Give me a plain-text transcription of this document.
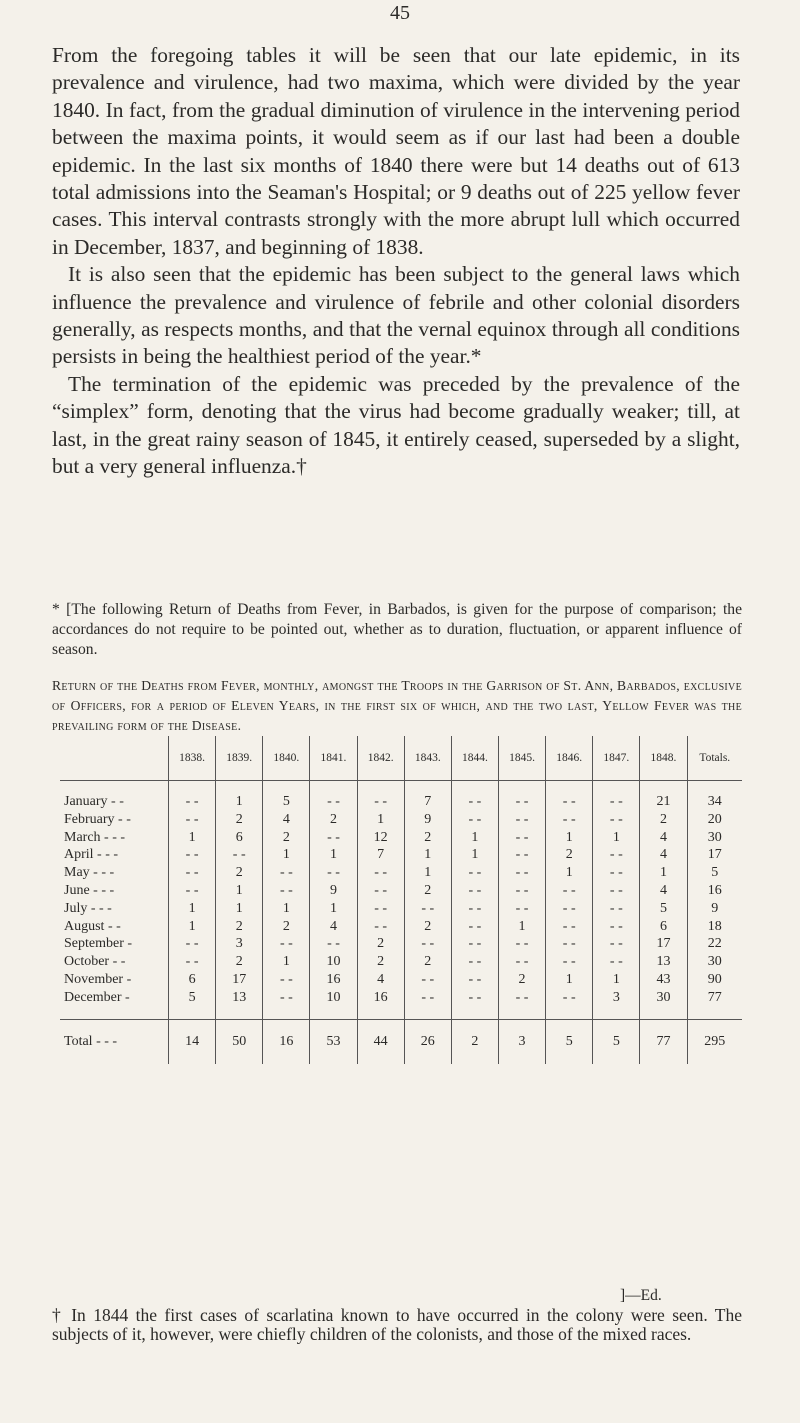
45

From the foregoing tables it will be seen that our late epidemic, in its prevalence and virulence, had two maxima, which were divided by the year 1840. In fact, from the gradual diminution of virulence in the intervening period between the maxima points, it would seem as if our last had been a double epidemic. In the last six months of 1840 there were but 14 deaths out of 613 total admissions into the Seaman's Hospital; or 9 deaths out of 225 yellow fever cases. This interval contrasts strongly with the more abrupt lull which occurred in December, 1837, and beginning of 1838.

It is also seen that the epidemic has been subject to the general laws which influence the prevalence and virulence of febrile and other colonial disorders generally, as respects months, and that the vernal equinox through all conditions persists in being the healthiest period of the year.*

The termination of the epidemic was preceded by the prevalence of the “simplex” form, denoting that the virus had become gradually weaker; till, at last, in the great rainy season of 1845, it entirely ceased, superseded by a slight, but a very general influenza.†

* [The following Return of Deaths from Fever, in Barbados, is given for the purpose of comparison; the accordances do not require to be pointed out, whether as to duration, fluctuation, or apparent influence of season.

Return of the Deaths from Fever, monthly, amongst the Troops in the Garrison of St. Ann, Barbados, exclusive of Officers, for a period of Eleven Years, in the first six of which, and the two last, Yellow Fever was the prevailing form of the Disease.
	1838.	1839.	1840.	1841.	1842.	1843.	1844.	1845.	1846.	1847.	1848.	Totals.
January - -	- -	1	5	- -	- -	7	- -	- -	- -	- -	21	34
February - -	- -	2	4	2	1	9	- -	- -	- -	- -	2	20
March - - -	1	6	2	- -	12	2	1	- -	1	1	4	30
April - - -	- -	- -	1	1	7	1	1	- -	2	- -	4	17
May - - -	- -	2	- -	- -	- -	1	- -	- -	1	- -	1	5
June - - -	- -	1	- -	9	- -	2	- -	- -	- -	- -	4	16
July - - -	1	1	1	1	- -	- -	- -	- -	- -	- -	5	9
August - -	1	2	2	4	- -	2	- -	1	- -	- -	6	18
September -	- -	3	- -	- -	2	- -	- -	- -	- -	- -	17	22
October - -	- -	2	1	10	2	2	- -	- -	- -	- -	13	30
November -	6	17	- -	16	4	- -	- -	2	1	1	43	90
December -	5	13	- -	10	16	- -	- -	- -	- -	3	30	77
Total - - -	14	50	16	53	44	26	2	3	5	5	77	295
]—Ed.

† In 1844 the first cases of scarlatina known to have occurred in the colony were seen. The subjects of it, however, were chiefly children of the colonists, and those of the mixed races.
